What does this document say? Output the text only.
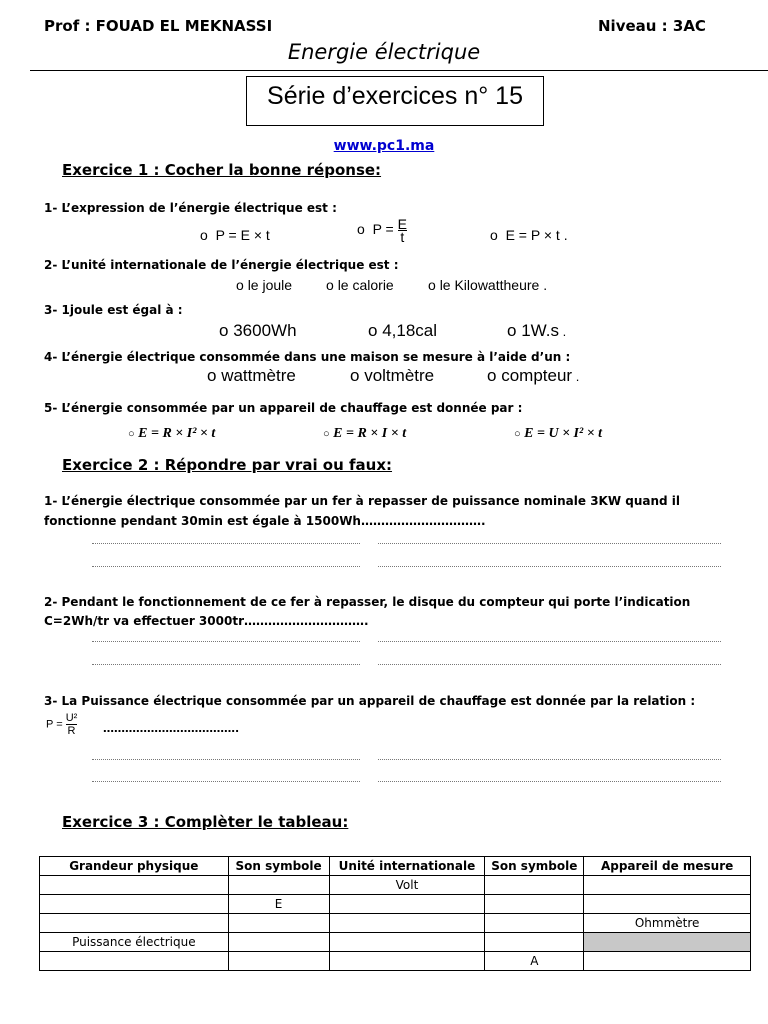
Prof : FOUAD EL MEKNASSI	Niveau : 3AC
Energie électrique
Série d’exercices n° 15
www.pc1.ma
Exercice 1 : Cocher la bonne réponse:
1- L’expression de l’énergie électrique est :
o P = E × t	o $P = \frac{E}{t}$	o E = P × t .
2- L’unité internationale de l’énergie électrique est :
o le joule o le calorie o le Kilowattheure .
3- 1joule est égal à :
o 3600Wh	o 4,18cal	o 1W.s .
4- L’énergie électrique consommée dans une maison se mesure à l’aide d’un :
o wattmètre	o voltmètre	o compteur .
5- L’énergie consommée par un appareil de chauffage est donnée par :
○ E = R × I² × t	○ E = R × I × t	○ E = U × I² × t
Exercice 2 : Répondre par vrai ou faux:
1- L’énergie électrique consommée par un fer à repasser de puissance nominale 3KW quand il
fonctionne pendant 30min est égale à 1500Wh………………………….
2- Pendant le fonctionnement de ce fer à repasser, le disque du compteur qui porte l’indication
C=2Wh/tr va effectuer 3000tr………………………….
3- La Puissance électrique consommée par un appareil de chauffage est donnée par la relation :
$P = \frac{\text{U²}}{R}$ ……………………………….
Exercice 3 : Complèter le tableau:
Grandeur physique	Son symbole	Unité internationale	Son symbole	Appareil de mesure
		Volt		
	E			
				Ohmmètre
Puissance électrique				
			A	
